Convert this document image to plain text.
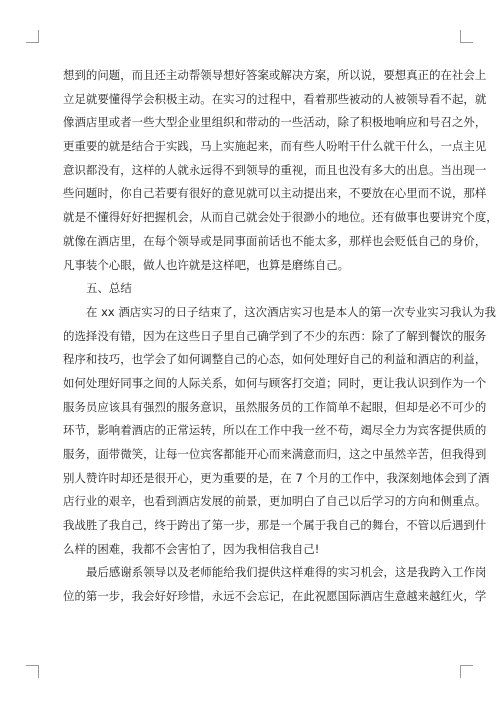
想到的问题，而且还主动帮领导想好答案或解决方案，所以说，要想真正的在社会上
立足就要懂得学会积极主动。在实习的过程中，看着那些被动的人被领导看不起，就
像酒店里或者一些大型企业里组织和带动的一些活动，除了积极地响应和号召之外，
更重要的就是结合于实践，马上实施起来，而有些人吩咐干什么就干什么，一点主见
意识都没有，这样的人就永远得不到领导的重视，而且也没有多大的出息。当出现一
些问题时，你自己若要有很好的意见就可以主动提出来，不要放在心里而不说，那样
就是不懂得好好把握机会，从而自己就会处于很渺小的地位。还有做事也要讲究个度，
就像在酒店里，在每个领导或是同事面前话也不能太多，那样也会贬低自己的身价，
凡事装个心眼，做人也许就是这样吧，也算是磨练自己。
五、总结
在 xx 酒店实习的日子结束了，这次酒店实习也是本人的第一次专业实习我认为我
的选择没有错，因为在这些日子里自己确学到了不少的东西：除了了解到餐饮的服务
程序和技巧，也学会了如何调整自己的心态，如何处理好自己的利益和酒店的利益，
如何处理好同事之间的人际关系，如何与顾客打交道；同时，更让我认识到作为一个
服务员应该具有强烈的服务意识，虽然服务员的工作简单不起眼，但却是必不可少的
环节，影响着酒店的正常运转，所以在工作中我一丝不苟，竭尽全力为宾客提供质的
服务，面带微笑，让每一位宾客都能开心而来满意而归，这之中虽然辛苦，但我得到
别人赞许时却还是很开心，更为重要的是，在 7 个月的工作中，我深刻地体会到了酒
店行业的艰辛，也看到酒店发展的前景，更加明白了自己以后学习的方向和侧重点。
我战胜了我自己，终于跨出了第一步，那是一个属于我自己的舞台，不管以后遇到什
么样的困难，我都不会害怕了，因为我相信我自己!
最后感谢系领导以及老师能给我们提供这样难得的实习机会，这是我跨入工作岗
位的第一步，我会好好珍惜，永远不会忘记，在此祝愿国际酒店生意越来越红火，学
